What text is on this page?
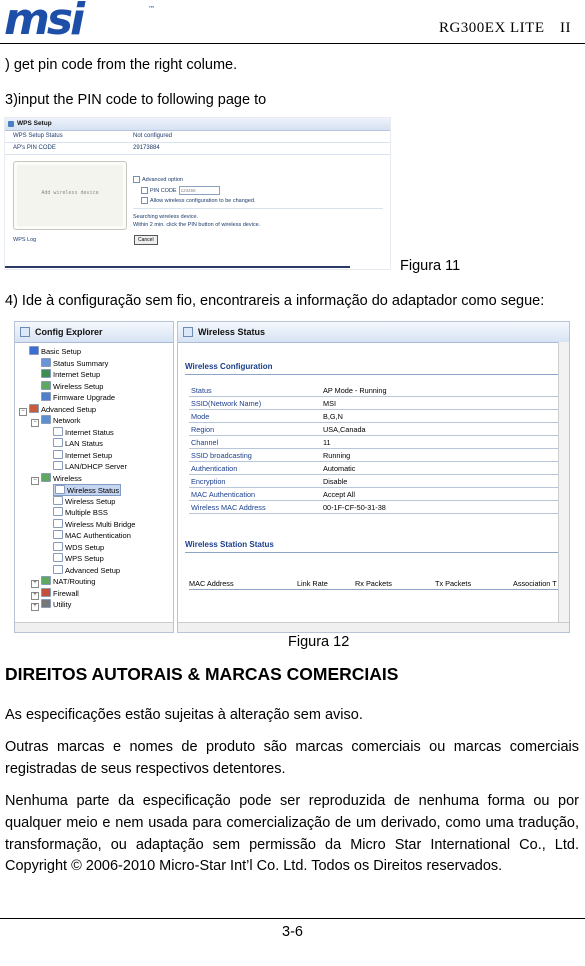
msi	™
RG300EX LITE　II
) get pin code from the right colume.
3)input the PIN code to following page to
WPS Setup
WPS Setup Status	Not configured
AP's PIN CODE	29173884
Add wireless device
Advanced option
PIN CODE 123456
Allow wireless configuration to be changed.
Searching wireless device.
Within 2 min. click the PIN button of wireless device.
Cancel
WPS Log
Figura 11
4) Ide à configuração sem fio, encontrareis a informação do adaptador como segue:
Config Explorer
Basic Setup
Status Summary
Internet Setup
Wireless Setup
Firmware Upgrade
− Advanced Setup
− Network
Internet Status
LAN Status
Internet Setup
LAN/DHCP Server
− Wireless
Wireless Status
Wireless Setup
Multiple BSS
Wireless Multi Bridge
MAC Authentication
WDS Setup
WPS Setup
Advanced Setup
+ NAT/Routing
+ Firewall
+ Utility
Wireless Status
Wireless Configuration
Status	AP Mode - Running
SSID(Network Name)	MSI
Mode	B,G,N
Region	USA,Canada
Channel	11
SSID broadcasting	Running
Authentication	Automatic
Encryption	Disable
MAC Authentication	Accept All
Wireless MAC Address	00-1F-CF-50-31-38
Wireless Station Status
MAC Address	Link Rate	Rx Packets	Tx Packets	Association T
Figura 12
DIREITOS AUTORAIS & MARCAS COMERCIAIS
As especificações estão sujeitas à alteração sem aviso.
Outras marcas e nomes de produto são marcas comerciais ou marcas comerciais registradas de seus respectivos detentores.
Nenhuma parte da especificação pode ser reproduzida de nenhuma forma ou por qualquer meio e nem usada para comercialização de um derivado, como uma tradução, transformação, ou adaptação sem permissão da Micro Star International Co., Ltd. Copyright © 2006-2010 Micro-Star Int’l Co. Ltd. Todos os Direitos reservados.
3-6
